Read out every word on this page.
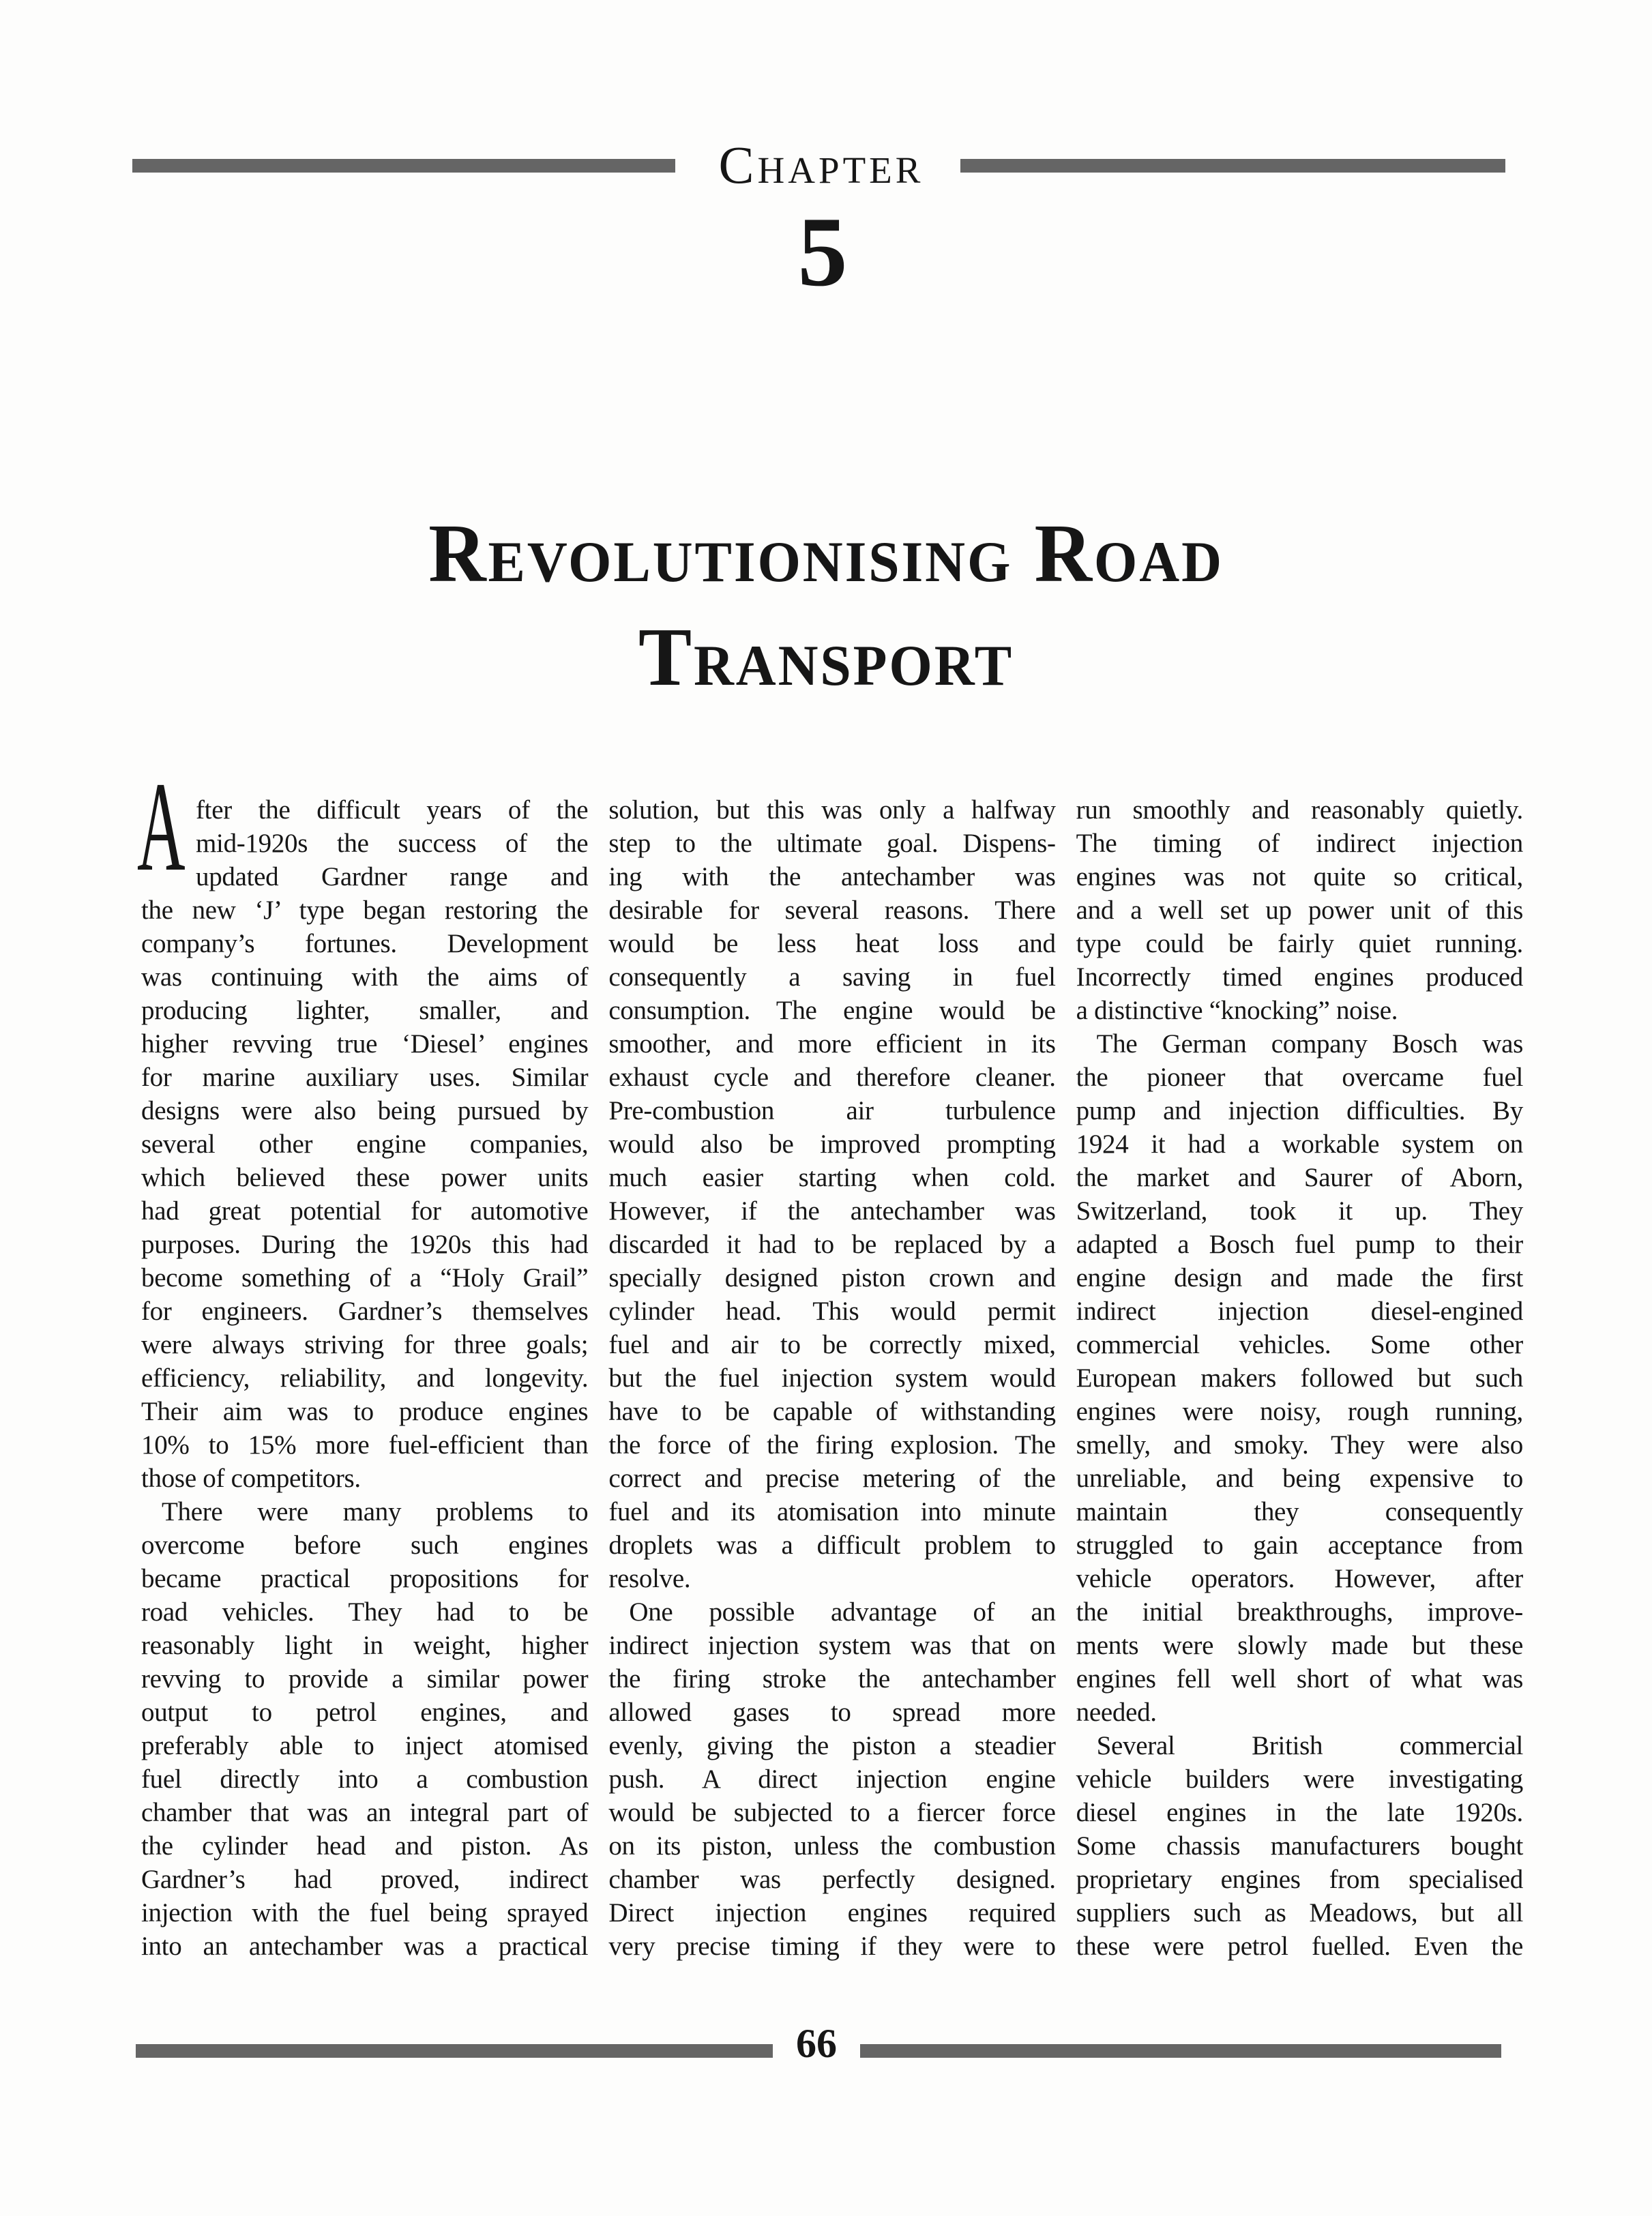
Chapter
5
Revolutionising Road
Transport
A fter the difficult years of the
mid-1920s the success of the
updated Gardner range and
the new ‘J’ type began restoring the
company’s fortunes. Development
was continuing with the aims of
producing lighter, smaller, and
higher revving true ‘Diesel’ engines
for marine auxiliary uses. Similar
designs were also being pursued by
several other engine companies,
which believed these power units
had great potential for automotive
purposes. During the 1920s this had
become something of a “Holy Grail”
for engineers. Gardner’s themselves
were always striving for three goals;
efficiency, reliability, and longevity.
Their aim was to produce engines
10% to 15% more fuel-efficient than
those of competitors.
There were many problems to
overcome before such engines
became practical propositions for
road vehicles. They had to be
reasonably light in weight, higher
revving to provide a similar power
output to petrol engines, and
preferably able to inject atomised
fuel directly into a combustion
chamber that was an integral part of
the cylinder head and piston. As
Gardner’s had proved, indirect
injection with the fuel being sprayed
into an antechamber was a practical
solution, but this was only a halfway
step to the ultimate goal. Dispens-
ing with the antechamber was
desirable for several reasons. There
would be less heat loss and
consequently a saving in fuel
consumption. The engine would be
smoother, and more efficient in its
exhaust cycle and therefore cleaner.
Pre-combustion air turbulence
would also be improved prompting
much easier starting when cold.
However, if the antechamber was
discarded it had to be replaced by a
specially designed piston crown and
cylinder head. This would permit
fuel and air to be correctly mixed,
but the fuel injection system would
have to be capable of withstanding
the force of the firing explosion. The
correct and precise metering of the
fuel and its atomisation into minute
droplets was a difficult problem to
resolve.
One possible advantage of an
indirect injection system was that on
the firing stroke the antechamber
allowed gases to spread more
evenly, giving the piston a steadier
push. A direct injection engine
would be subjected to a fiercer force
on its piston, unless the combustion
chamber was perfectly designed.
Direct injection engines required
very precise timing if they were to
run smoothly and reasonably quietly.
The timing of indirect injection
engines was not quite so critical,
and a well set up power unit of this
type could be fairly quiet running.
Incorrectly timed engines produced
a distinctive “knocking” noise.
The German company Bosch was
the pioneer that overcame fuel
pump and injection difficulties. By
1924 it had a workable system on
the market and Saurer of Aborn,
Switzerland, took it up. They
adapted a Bosch fuel pump to their
engine design and made the first
indirect injection diesel-engined
commercial vehicles. Some other
European makers followed but such
engines were noisy, rough running,
smelly, and smoky. They were also
unreliable, and being expensive to
maintain they consequently
struggled to gain acceptance from
vehicle operators. However, after
the initial breakthroughs, improve-
ments were slowly made but these
engines fell well short of what was
needed.
Several British commercial
vehicle builders were investigating
diesel engines in the late 1920s.
Some chassis manufacturers bought
proprietary engines from specialised
suppliers such as Meadows, but all
these were petrol fuelled. Even the
66
